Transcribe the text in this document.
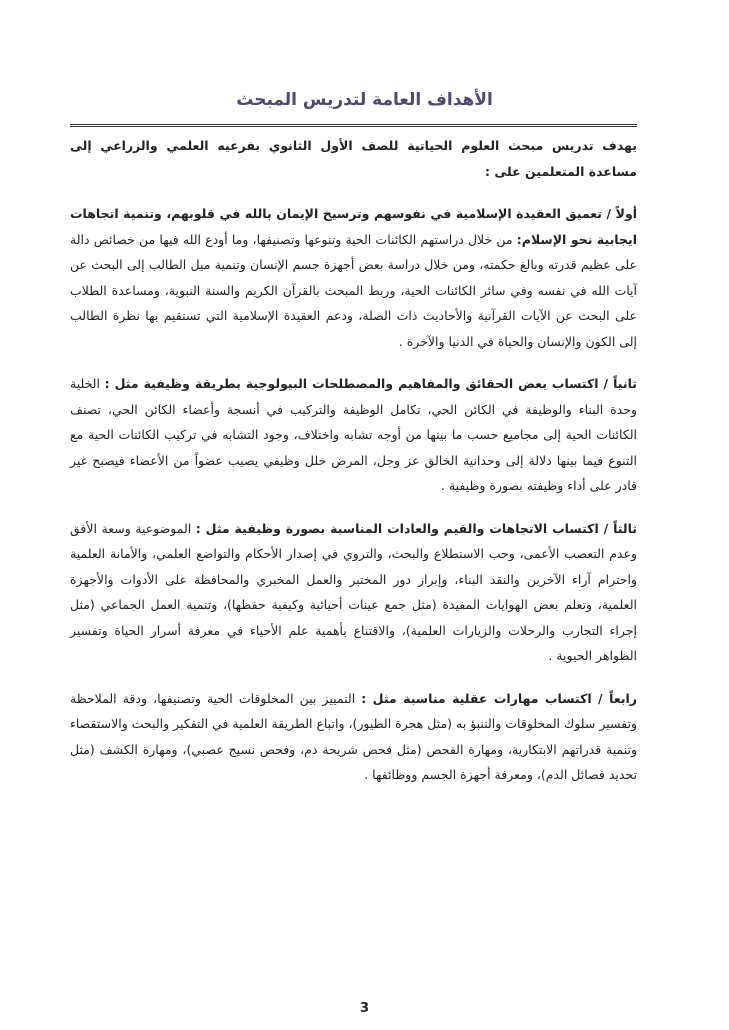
الأهداف العامة لتدريس المبحث

يهدف تدريس مبحث العلوم الحياتية للصف الأول الثانوي بفرعيه العلمي والزراعي إلى مساعدة المتعلمين على :

أولاً / تعميق العقيدة الإسلامية في نفوسهم وترسيخ الإيمان بالله في قلوبهم، وتنمية اتجاهات ايجابية نحو الإسلام: من خلال دراستهم الكائنات الحية وتنوعها وتصنيفها، وما أودع الله فيها من خصائص دالة على عظيم قدرته وبالغ حكمته، ومن خلال دراسة بعض أجهزة جسم الإنسان وتنمية ميل الطالب إلى البحث عن آيات الله في نفسه وفي سائر الكائنات الحية، وربط المبحث بالقرآن الكريم والسنة النبوية، ومساعدة الطلاب على البحث عن الآيات القرآنية والأحاديث ذات الصلة، ودعم العقيدة الإسلامية التي تستقيم بها نظرة الطالب إلى الكون والإنسان والحياة في الدنيا والآخرة .

ثانياً / اكتساب بعض الحقائق والمفاهيم والمصطلحات البيولوجية بطريقة وظيفية مثل : الخلية وحدة البناء والوظيفة في الكائن الحي، تكامل الوظيفة والتركيب في أنسجة وأعضاء الكائن الحي، تصنف الكائنات الحية إلى مجاميع حسب ما بينها من أوجه تشابه واختلاف، وجود التشابه في تركيب الكائنات الحية مع التنوع فيما بينها دلالة إلى وحدانية الخالق عز وجل، المرض خلل وظيفي يصيب عضواً من الأعضاء فيصبح غير قادر على أداء وظيفته بصورة وظيفية .

ثالثاً / اكتساب الاتجاهات والقيم والعادات المناسبة بصورة وظيفية مثل : الموضوعية وسعة الأفق وعدم التعصب الأعمى، وحب الاستطلاع والبحث، والتروي في إصدار الأحكام والتواضع العلمي، والأمانة العلمية واحترام آراء الآخرين والنقد البناء، وإبراز دور المختبر والعمل المخبري والمحافظة على الأدوات والأجهزة العلمية، وتعلم بعض الهوايات المفيدة (مثل جمع عينات أحيائية وكيفية حفظها)، وتنمية العمل الجماعي (مثل إجراء التجارب والرحلات والزيارات العلمية)، والاقتناع بأهمية علم الأحياء في معرفة أسرار الحياة وتفسير الظواهر الحيوية .

رابعاً / اكتساب مهارات عقلية مناسبة مثل : التمييز بين المخلوقات الحية وتصنيفها، ودقة الملاحظة وتفسير سلوك المخلوقات والتنبؤ به (مثل هجرة الطيور)، واتباع الطريقة العلمية في التفكير والبحث والاستقصاء وتنمية قدراتهم الابتكارية، ومهارة الفحص (مثل فحص شريحة دم، وفحص نسيج عصبي)، ومهارة الكشف (مثل تحديد فصائل الدم)، ومعرفة أجهزة الجسم ووظائفها .

3
